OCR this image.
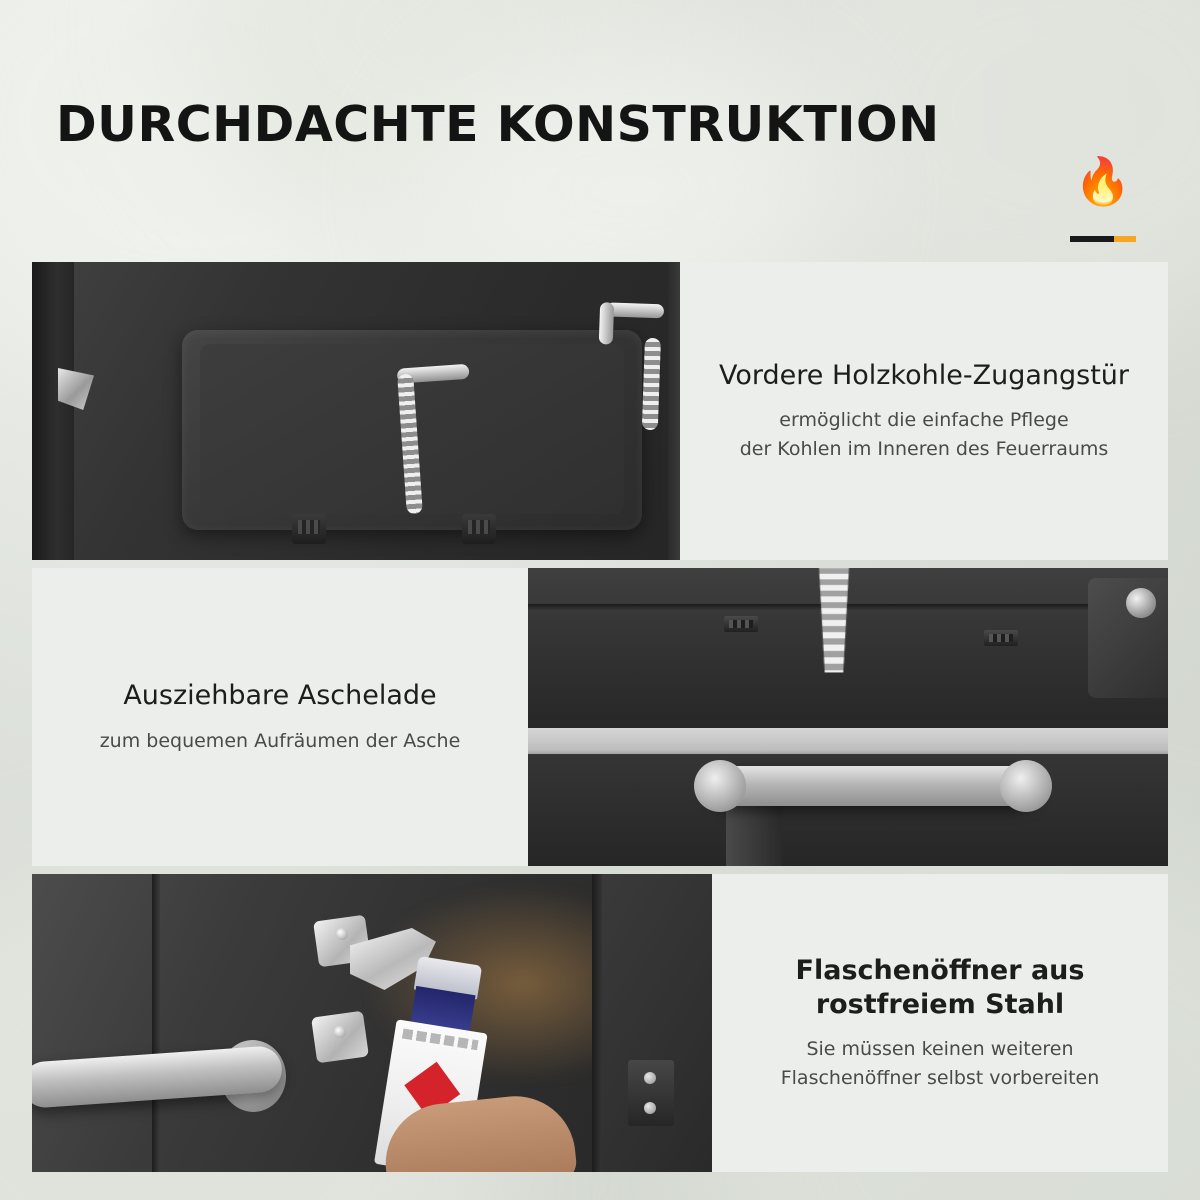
DURCHDACHTE KONSTRUKTION
🔥
Vordere Holzkohle-Zugangstür
ermöglicht die einfache Pflege
der Kohlen im Inneren des Feuerraums
Ausziehbare Aschelade
zum bequemen Aufräumen der Asche
Flaschenöffner aus
rostfreiem Stahl
Sie müssen keinen weiteren
Flaschenöffner selbst vorbereiten
